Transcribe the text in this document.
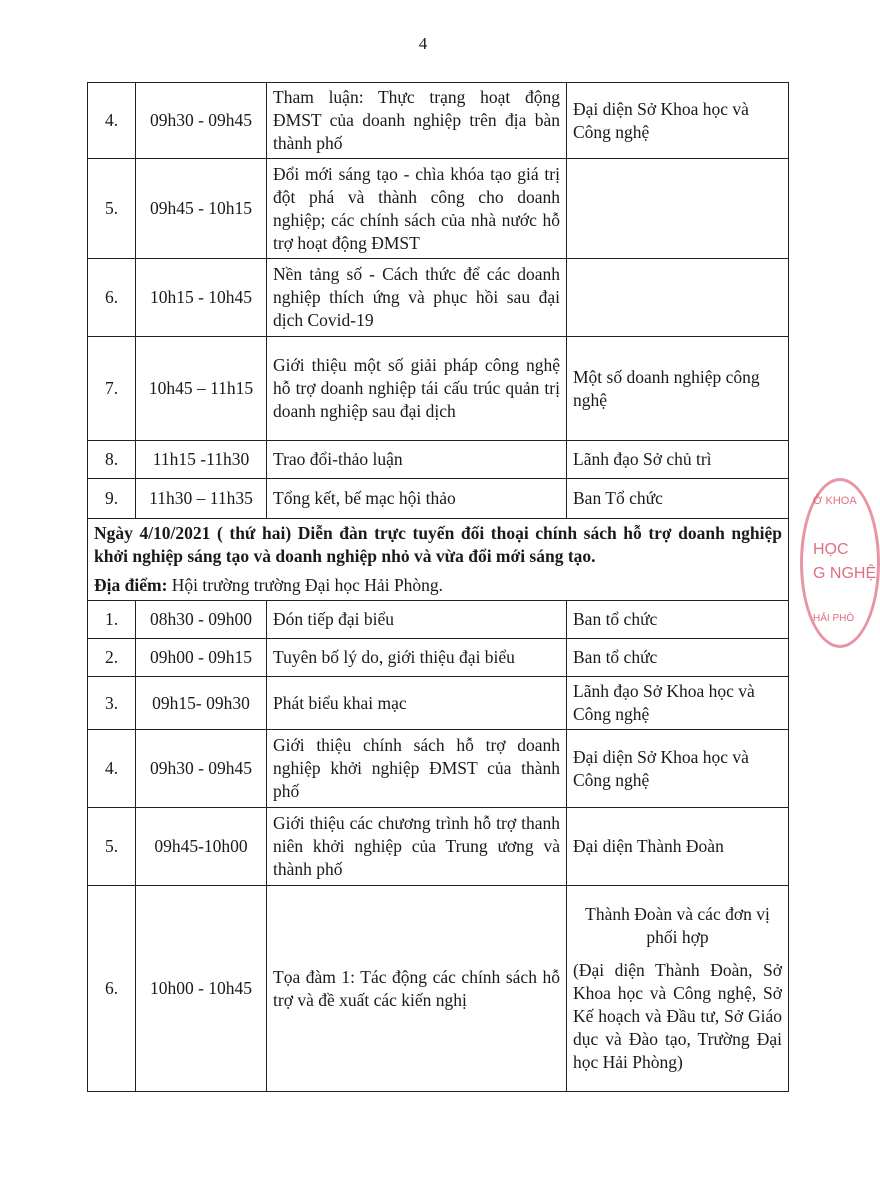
4
4.	09h30 - 09h45	Tham luận: Thực trạng hoạt động ĐMST của doanh nghiệp trên địa bàn thành phố	Đại diện Sở Khoa học và Công nghệ
5.	09h45 - 10h15	Đổi mới sáng tạo - chìa khóa tạo giá trị đột phá và thành công cho doanh nghiệp; các chính sách của nhà nước hỗ trợ hoạt động ĐMST	
6.	10h15 - 10h45	Nền tảng số - Cách thức để các doanh nghiệp thích ứng và phục hồi sau đại dịch Covid-19	
7.	10h45 – 11h15	Giới thiệu một số giải pháp công nghệ hỗ trợ doanh nghiệp tái cấu trúc quản trị doanh nghiệp sau đại dịch	Một số doanh nghiệp công nghệ
8.	11h15 -11h30	Trao đổi-thảo luận	Lãnh đạo Sở chủ trì
9.	11h30 – 11h35	Tổng kết, bế mạc hội thảo	Ban Tổ chức

Ngày 4/10/2021 ( thứ hai) Diễn đàn trực tuyến đối thoại chính sách hỗ trợ doanh nghiệp khởi nghiệp sáng tạo và doanh nghiệp nhỏ và vừa đổi mới sáng tạo.
Địa điểm: Hội trường trường Đại học Hải Phòng.			

1.	08h30 - 09h00	Đón tiếp đại biểu	Ban tổ chức
2.	09h00 - 09h15	Tuyên bố lý do, giới thiệu đại biểu	Ban tổ chức
3.	09h15- 09h30	Phát biểu khai mạc	Lãnh đạo Sở Khoa học và Công nghệ
4.	09h30 - 09h45	Giới thiệu chính sách hỗ trợ doanh nghiệp khởi nghiệp ĐMST của thành phố	Đại diện Sở Khoa học và Công nghệ
5.	09h45-10h00	Giới thiệu các chương trình hỗ trợ thanh niên khởi nghiệp của Trung ương và thành phố	Đại diện Thành Đoàn
6.	10h00 - 10h45	Tọa đàm 1: Tác động các chính sách hỗ trợ và đề xuất các kiến nghị	Thành Đoàn và các đơn vị phối hợp

(Đại diện Thành Đoàn, Sở Khoa học và Công nghệ, Sở Kế hoạch và Đầu tư, Sở Giáo dục và Đào tạo, Trường Đại học Hải Phòng)

Ở KHOA
HỌC
G NGHỆ
HẢI PHÒ
